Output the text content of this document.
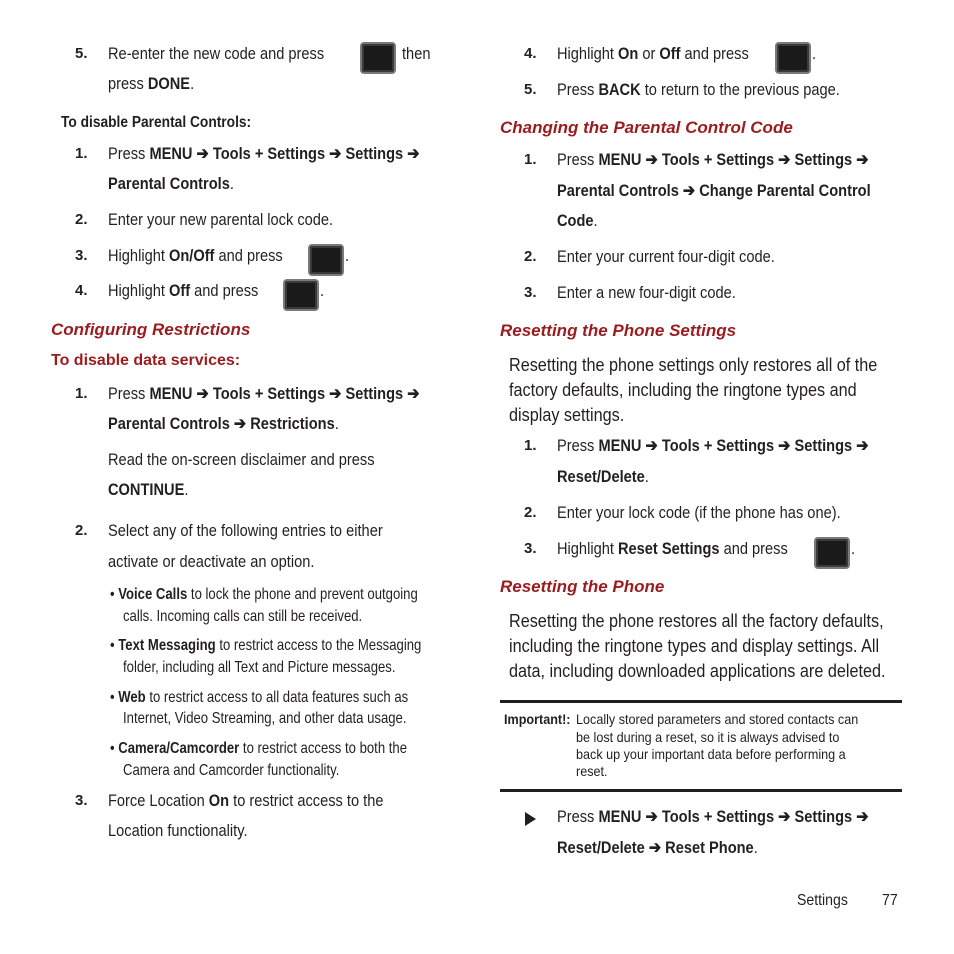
5. Re-enter the new code and press	then
press DONE.
To disable Parental Controls:
1. Press MENU ➔ Tools + Settings ➔ Settings ➔
Parental Controls.
2. Enter your new parental lock code.
3. Highlight On/Off and press	.
4. Highlight Off and press	.
Configuring Restrictions
To disable data services:
1. Press MENU ➔ Tools + Settings ➔ Settings ➔
Parental Controls ➔ Restrictions.
Read the on-screen disclaimer and press
CONTINUE.
2. Select any of the following entries to either
activate or deactivate an option.
• Voice Calls to lock the phone and prevent outgoing
calls. Incoming calls can still be received.
• Text Messaging to restrict access to the Messaging
folder, including all Text and Picture messages.
• Web to restrict access to all data features such as
Internet, Video Streaming, and other data usage.
• Camera/Camcorder to restrict access to both the
Camera and Camcorder functionality.
3. Force Location On to restrict access to the
Location functionality.
4. Highlight On or Off and press	.
5. Press BACK to return to the previous page.
Changing the Parental Control Code
1. Press MENU ➔ Tools + Settings ➔ Settings ➔
Parental Controls ➔ Change Parental Control
Code.
2. Enter your current four-digit code.
3. Enter a new four-digit code.
Resetting the Phone Settings
Resetting the phone settings only restores all of the
factory defaults, including the ringtone types and
display settings.
1. Press MENU ➔ Tools + Settings ➔ Settings ➔
Reset/Delete.
2. Enter your lock code (if the phone has one).
3. Highlight Reset Settings and press	.
Resetting the Phone
Resetting the phone restores all the factory defaults,
including the ringtone types and display settings. All
data, including downloaded applications are deleted.
Important!: Locally stored parameters and stored contacts can
be lost during a reset, so it is always advised to
back up your important data before performing a
reset.
Press MENU ➔ Tools + Settings ➔ Settings ➔
Reset/Delete ➔ Reset Phone.
Settings 77
